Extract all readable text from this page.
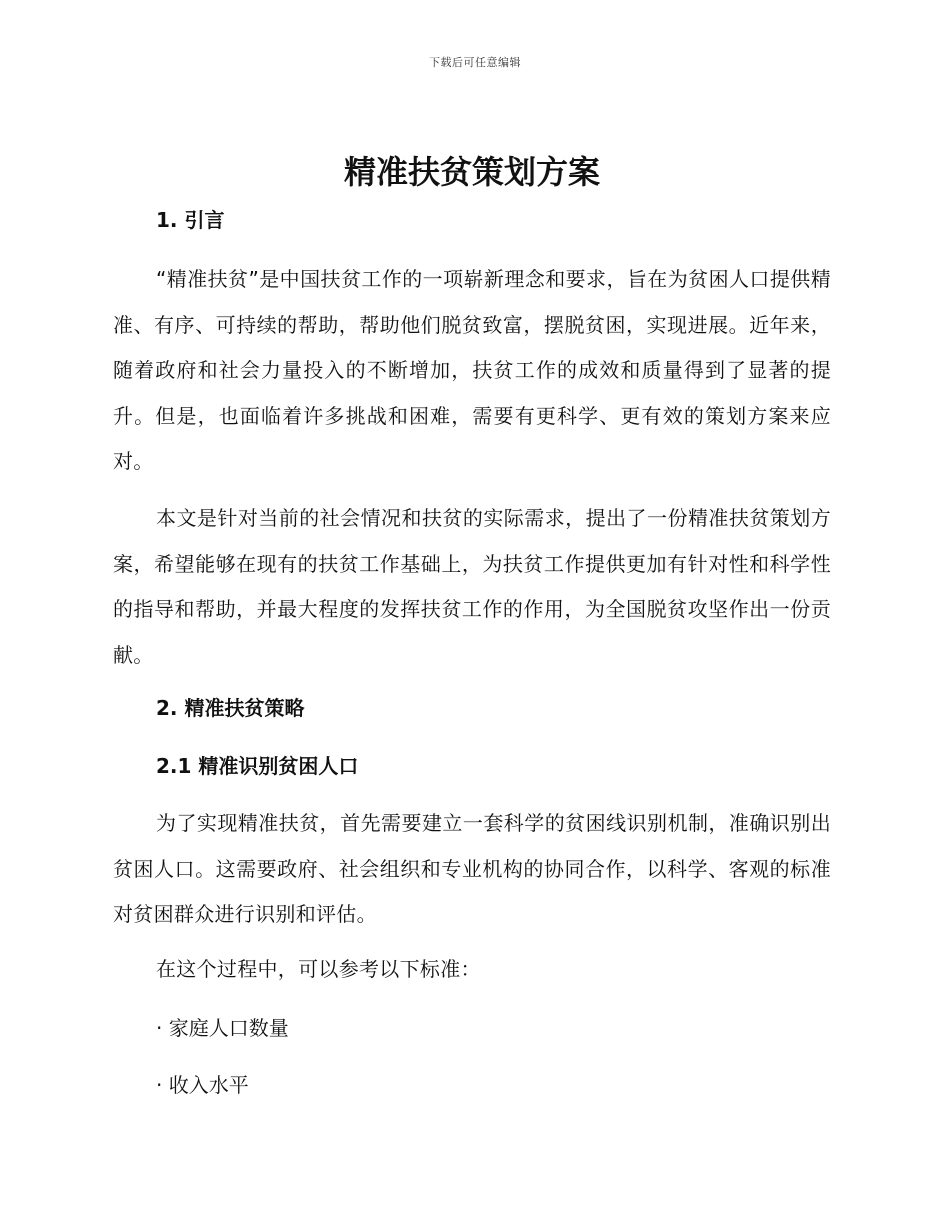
下载后可任意编辑
精准扶贫策划方案
1. 引言

“精准扶贫”是中国扶贫工作的一项崭新理念和要求，旨在为贫困人口提供精准、有序、可持续的帮助，帮助他们脱贫致富，摆脱贫困，实现进展。近年来，随着政府和社会力量投入的不断增加，扶贫工作的成效和质量得到了显著的提升。但是，也面临着许多挑战和困难，需要有更科学、更有效的策划方案来应对。

本文是针对当前的社会情况和扶贫的实际需求，提出了一份精准扶贫策划方案，希望能够在现有的扶贫工作基础上，为扶贫工作提供更加有针对性和科学性的指导和帮助，并最大程度的发挥扶贫工作的作用，为全国脱贫攻坚作出一份贡献。

2. 精准扶贫策略
2.1 精准识别贫困人口

为了实现精准扶贫，首先需要建立一套科学的贫困线识别机制，准确识别出贫困人口。这需要政府、社会组织和专业机构的协同合作，以科学、客观的标准对贫困群众进行识别和评估。

在这个过程中，可以参考以下标准：

· 家庭人口数量
· 收入水平
